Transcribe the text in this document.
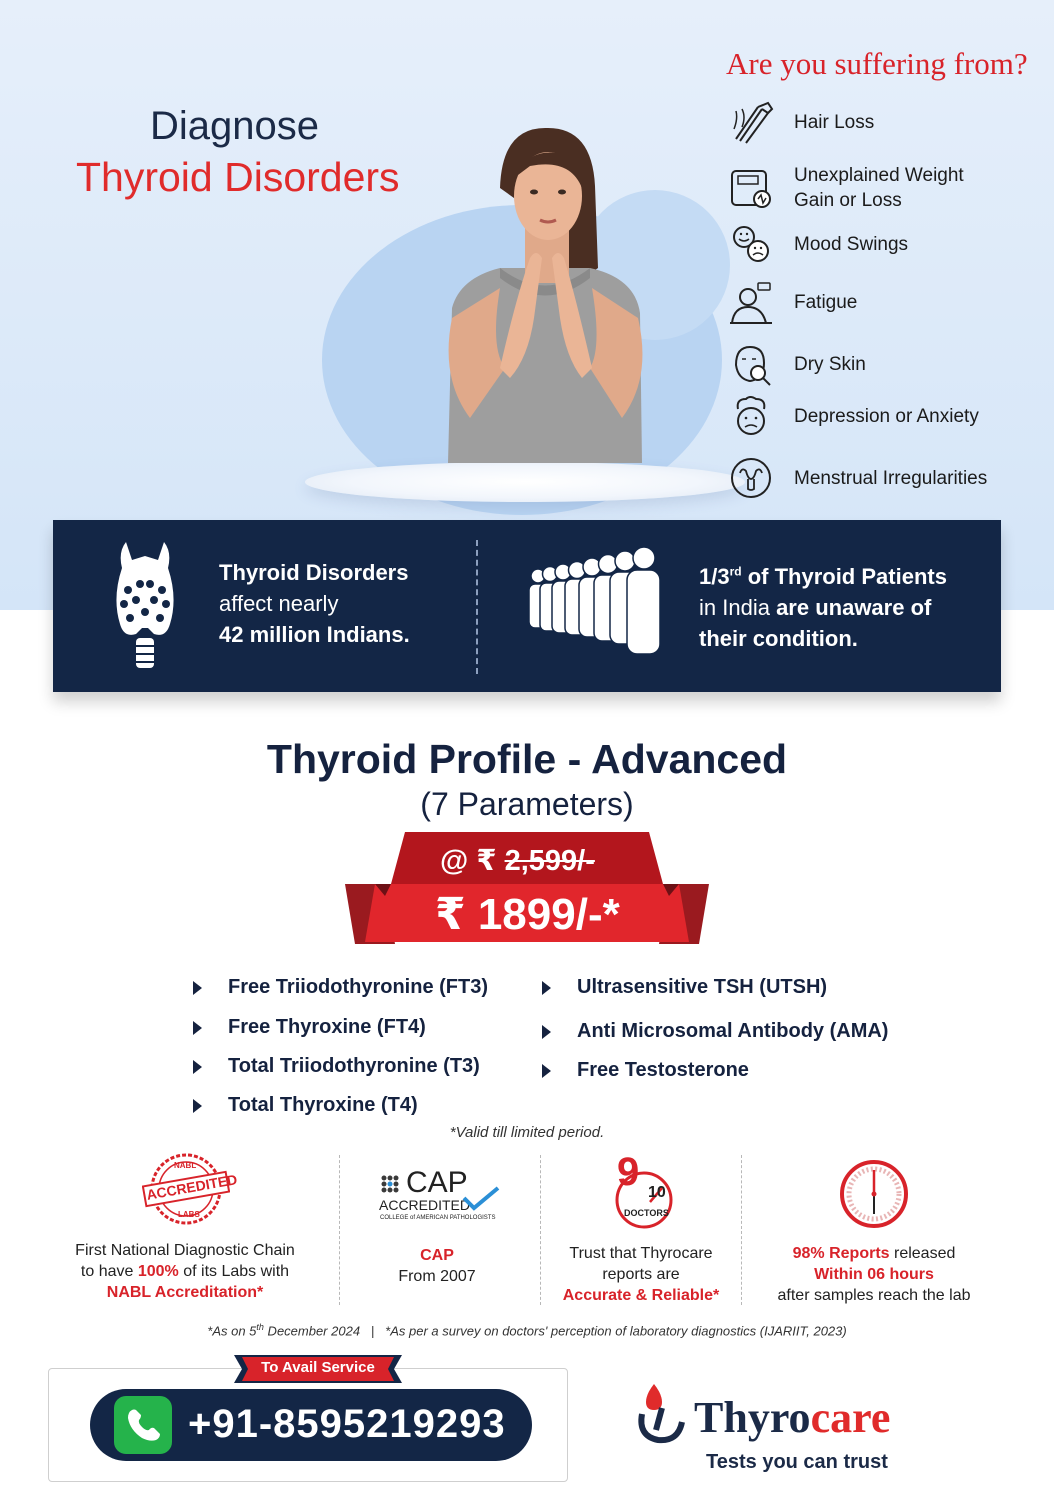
Diagnose
Thyroid Disorders
Are you suffering from?
Hair Loss
Unexplained Weight
Gain or Loss
Mood Swings
Fatigue
Dry Skin
Depression or Anxiety
Menstrual Irregularities
Thyroid Disorders
affect nearly
42 million Indians.
1/3rd of Thyroid Patients
in India are unaware of
their condition.
Thyroid Profile - Advanced
(7 Parameters)
@ ₹ 2,599/-
₹ 1899/-*
Free Triiodothyronine (FT3)
Free Thyroxine (FT4)
Total Triiodothyronine (T3)
Total Thyroxine (T4)
Ultrasensitive TSH (UTSH)
Anti Microsomal Antibody (AMA)
Free Testosterone
*Valid till limited period.
NABL
ACCREDITED
LABS
First National Diagnostic Chain
to have 100% of its Labs with
NABL Accreditation*
CAP
ACCREDITED
COLLEGE of AMERICAN PATHOLOGISTS
CAP
From 2007
9 10
DOCTORS
Trust that Thyrocare
reports are
Accurate & Reliable*
98% Reports released
Within 06 hours
after samples reach the lab
*As on 5th December 2024 | *As per a survey on doctors' perception of laboratory diagnostics (IJARIIT, 2023)
To Avail Service
+91-8595219293	Thyrocare
Tests you can trust
